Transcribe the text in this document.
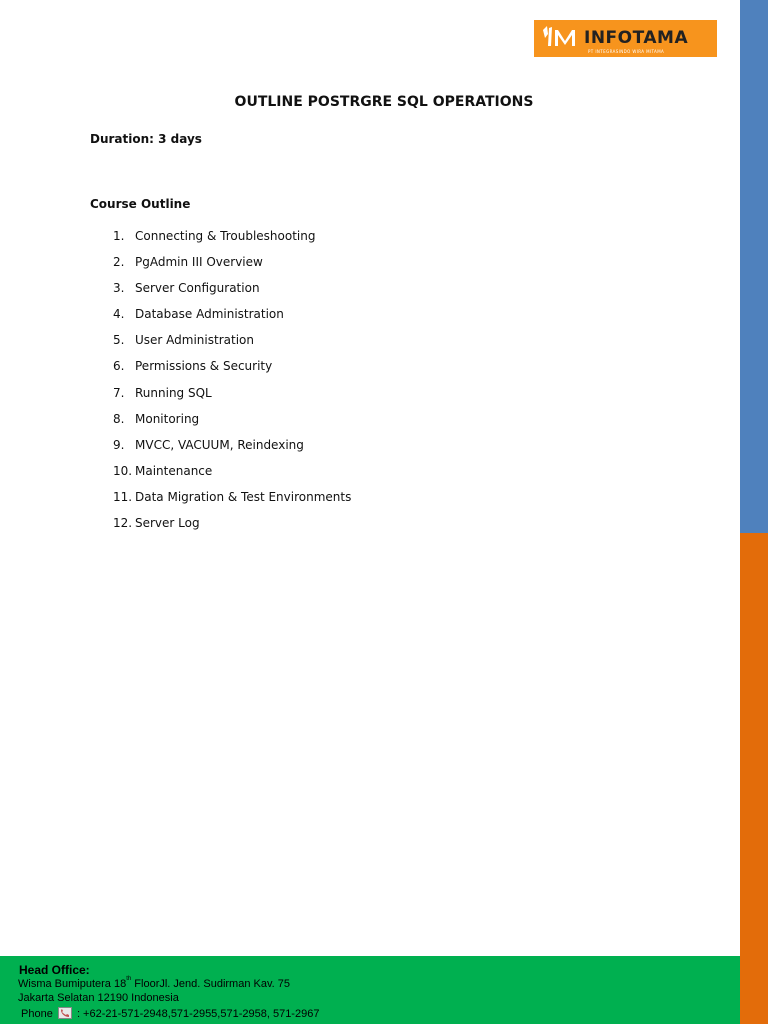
INFOTAMA
PT INTEGRASINDO WIRA MITAMA
OUTLINE POSTRGRE SQL OPERATIONS
Duration: 3 days
Course Outline
1. Connecting & Troubleshooting
2. PgAdmin III Overview
3. Server Configuration
4. Database Administration
5. User Administration
6. Permissions & Security
7. Running SQL
8. Monitoring
9. MVCC, VACUUM, Reindexing
10. Maintenance
11. Data Migration & Test Environments
12. Server Log
Head Office:
Wisma Bumiputera 18th FloorJl. Jend. Sudirman Kav. 75
Jakarta Selatan 12190 Indonesia
Phone : +62-21-571-2948,571-2955,571-2958, 571-2967
